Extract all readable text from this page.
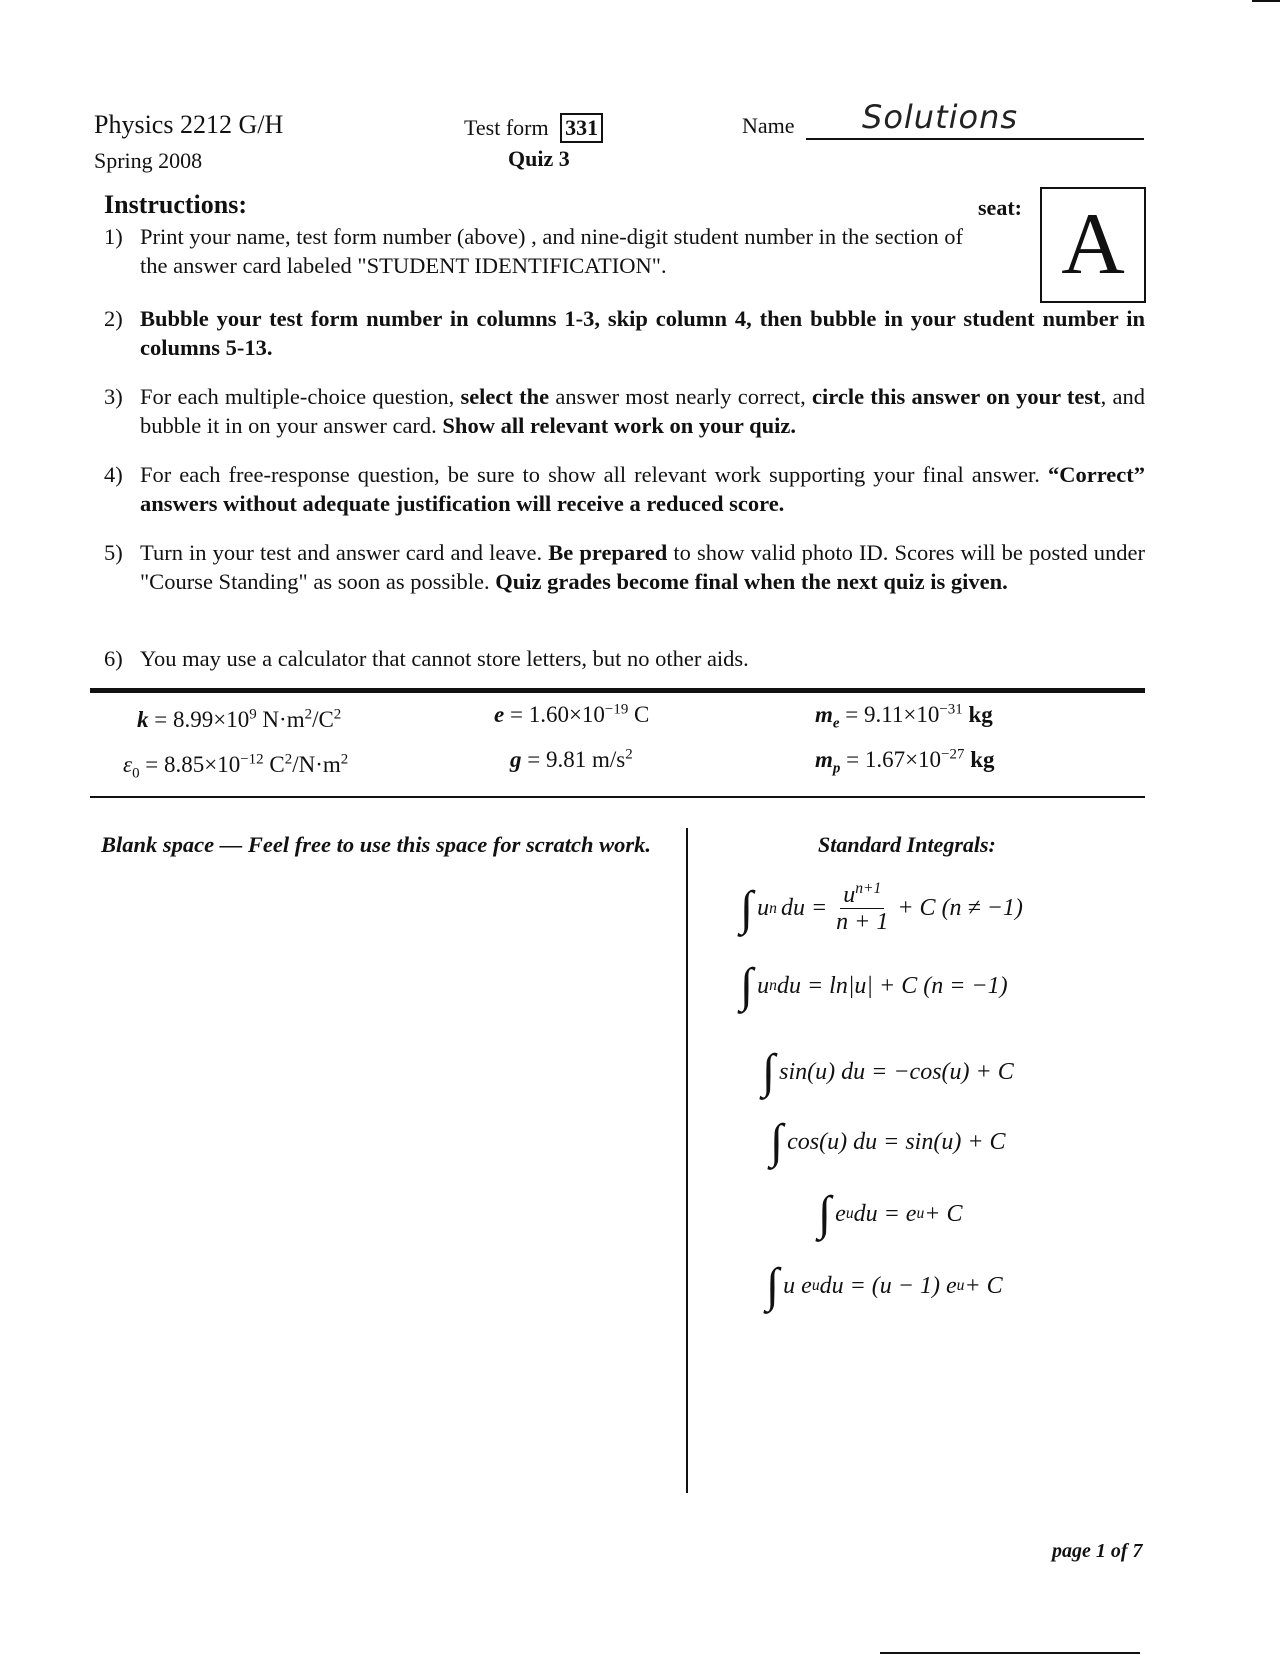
Physics 2212 G/H
Spring 2008
Test form 331
Quiz 3
Name Solutions
Instructions:	seat: A
1) Print your name, test form number (above) , and nine-digit student number in the section of the answer card labeled "STUDENT IDENTIFICATION".
2) Bubble your test form number in columns 1-3, skip column 4, then bubble in your student number in columns 5-13.
3) For each multiple-choice question, select the answer most nearly correct, circle this answer on your test, and bubble it in on your answer card. Show all relevant work on your quiz.
4) For each free-response question, be sure to show all relevant work supporting your final answer. “Correct” answers without adequate justification will receive a reduced score.
5) Turn in your test and answer card and leave. Be prepared to show valid photo ID. Scores will be posted under "Course Standing" as soon as possible. Quiz grades become final when the next quiz is given.
6) You may use a calculator that cannot store letters, but no other aids.
$k = 8.99\times 10^9$ $N\cdot m^2/C^2$	$e = 1.60\times 10^{-19}$ C	$m_e = 9.11\times 10^{-31}$ kg
$\varepsilon_0 = 8.85\times 10^{-12}$ $C^2/N\cdot m^2$	g = 9.81 $m/s^2$	$m_p = 1.67\times 10^{-27}$ kg
Blank space — Feel free to use this space for scratch work.	Standard Integrals:
∫ u n du = $\frac{u^{n+1}}{n + 1} + C$ (n ≠ −1)
∫ u n du = ln|u| + C (n = −1)
∫ sin(u) du = −cos(u) + C
∫ cos(u) du = sin(u) + C
∫ e u du = e u + C
∫ u e u du = (u − 1) e u + C
page 1 of 7
